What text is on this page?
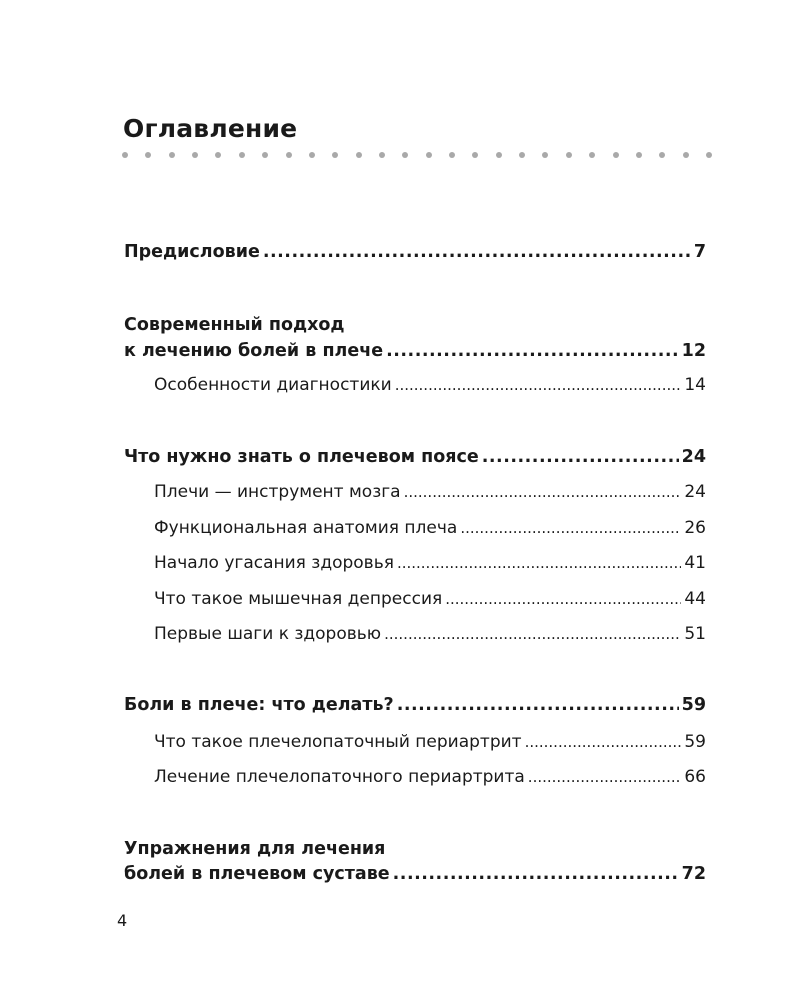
Оглавление
Предисловие .....	7
Современный подход
к лечению болей в плече .....	12
Особенности диагностики .....	14
Что нужно знать о плечевом поясе .....	24
Плечи — инструмент мозга .....	24
Функциональная анатомия плеча .....	26
Начало угасания здоровья .....	41
Что такое мышечная депрессия .....	44
Первые шаги к здоровью .....	51
Боли в плече: что делать? .....	59
Что такое плечелопаточный периартрит .....	59
Лечение плечелопаточного периартрита .....	66
Упражнения для лечения
болей в плечевом суставе .....	72
4
